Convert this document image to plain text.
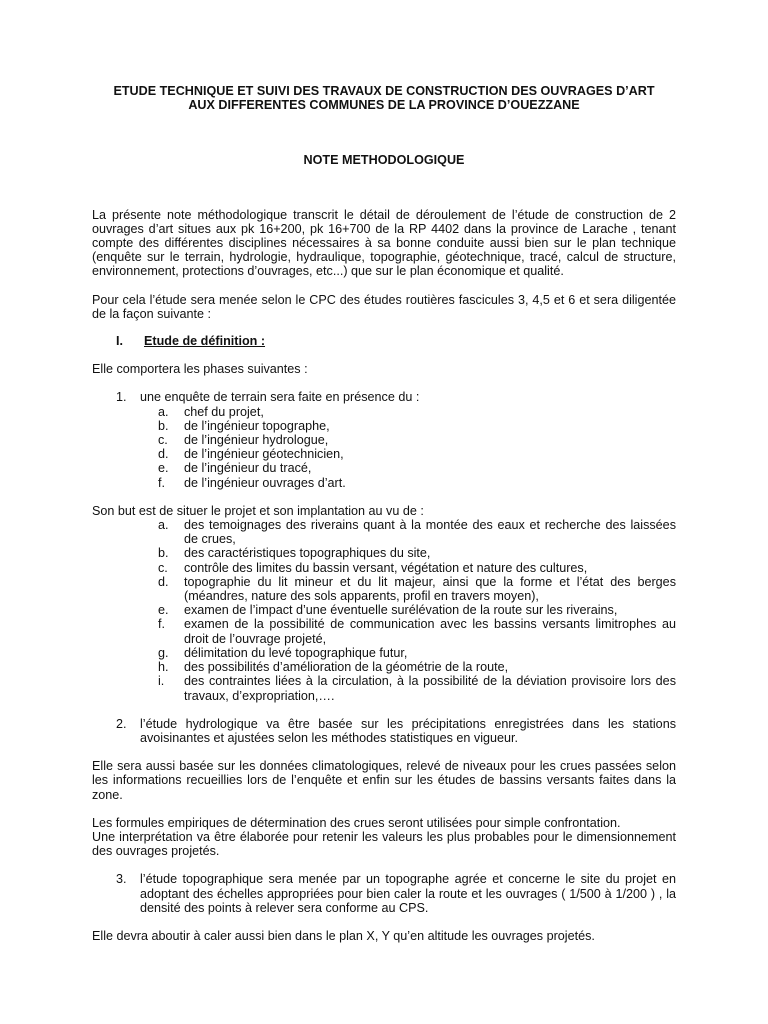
ETUDE TECHNIQUE ET SUIVI DES TRAVAUX DE CONSTRUCTION DES OUVRAGES D’ART

AUX DIFFERENTES COMMUNES DE LA PROVINCE D’OUEZZANE

NOTE METHODOLOGIQUE

La présente note méthodologique transcrit le détail de déroulement de l’étude de construction de 2 ouvrages d’art situes aux pk 16+200, pk 16+700 de la RP 4402 dans la province de Larache , tenant compte des différentes disciplines nécessaires à sa bonne conduite aussi bien sur le plan technique (enquête sur le terrain, hydrologie, hydraulique, topographie, géotechnique, tracé, calcul de structure, environnement, protections d’ouvrages, etc...) que sur le plan économique et qualité.

Pour cela l’étude sera menée selon le CPC des études routières fascicules 3, 4,5 et 6 et sera diligentée de la façon suivante :

I.	Etude de définition :

Elle comportera les phases suivantes :

1.	une enquête de terrain sera faite en présence du :
a.	chef du projet,
b.	de l’ingénieur topographe,
c.	de l’ingénieur hydrologue,
d.	de l’ingénieur géotechnicien,
e.	de l’ingénieur du tracé,
f.	de l’ingénieur ouvrages d’art.

Son but est de situer le projet et son implantation au vu de :

a.	des temoignages des riverains quant à la montée des eaux et recherche des laissées de crues,
b.	des caractéristiques topographiques du site,
c.	contrôle des limites du bassin versant, végétation et nature des cultures,
d.	topographie du lit mineur et du lit majeur, ainsi que la forme et l’état des berges (méandres, nature des sols apparents, profil en travers moyen),
e.	examen de l’impact d’une éventuelle surélévation de la route sur les riverains,
f.	examen de la possibilité de communication avec les bassins versants limitrophes au droit de l’ouvrage projeté,
g.	délimitation du levé topographique futur,
h.	des possibilités d’amélioration de la géométrie de la route,
i.	des contraintes liées à la circulation, à la possibilité de la déviation provisoire lors des travaux, d’expropriation,….
2.	l’étude hydrologique va être basée sur les précipitations enregistrées dans les stations avoisinantes et ajustées selon les méthodes statistiques en vigueur.

Elle sera aussi basée sur les données climatologiques, relevé de niveaux pour les crues passées selon les informations recueillies lors de l’enquête et enfin sur les études de bassins versants faites dans la zone.

Les formules empiriques de détermination des crues seront utilisées pour simple confrontation.

Une interprétation va être élaborée pour retenir les valeurs les plus probables pour le dimensionnement des ouvrages projetés.

3.	l’étude topographique sera menée par un topographe agrée et concerne le site du projet en adoptant des échelles appropriées pour bien caler la route et les ouvrages ( 1/500 à 1/200 ) , la densité des points à relever sera conforme au CPS.

Elle devra aboutir à caler aussi bien dans le plan X, Y qu’en altitude les ouvrages projetés.
